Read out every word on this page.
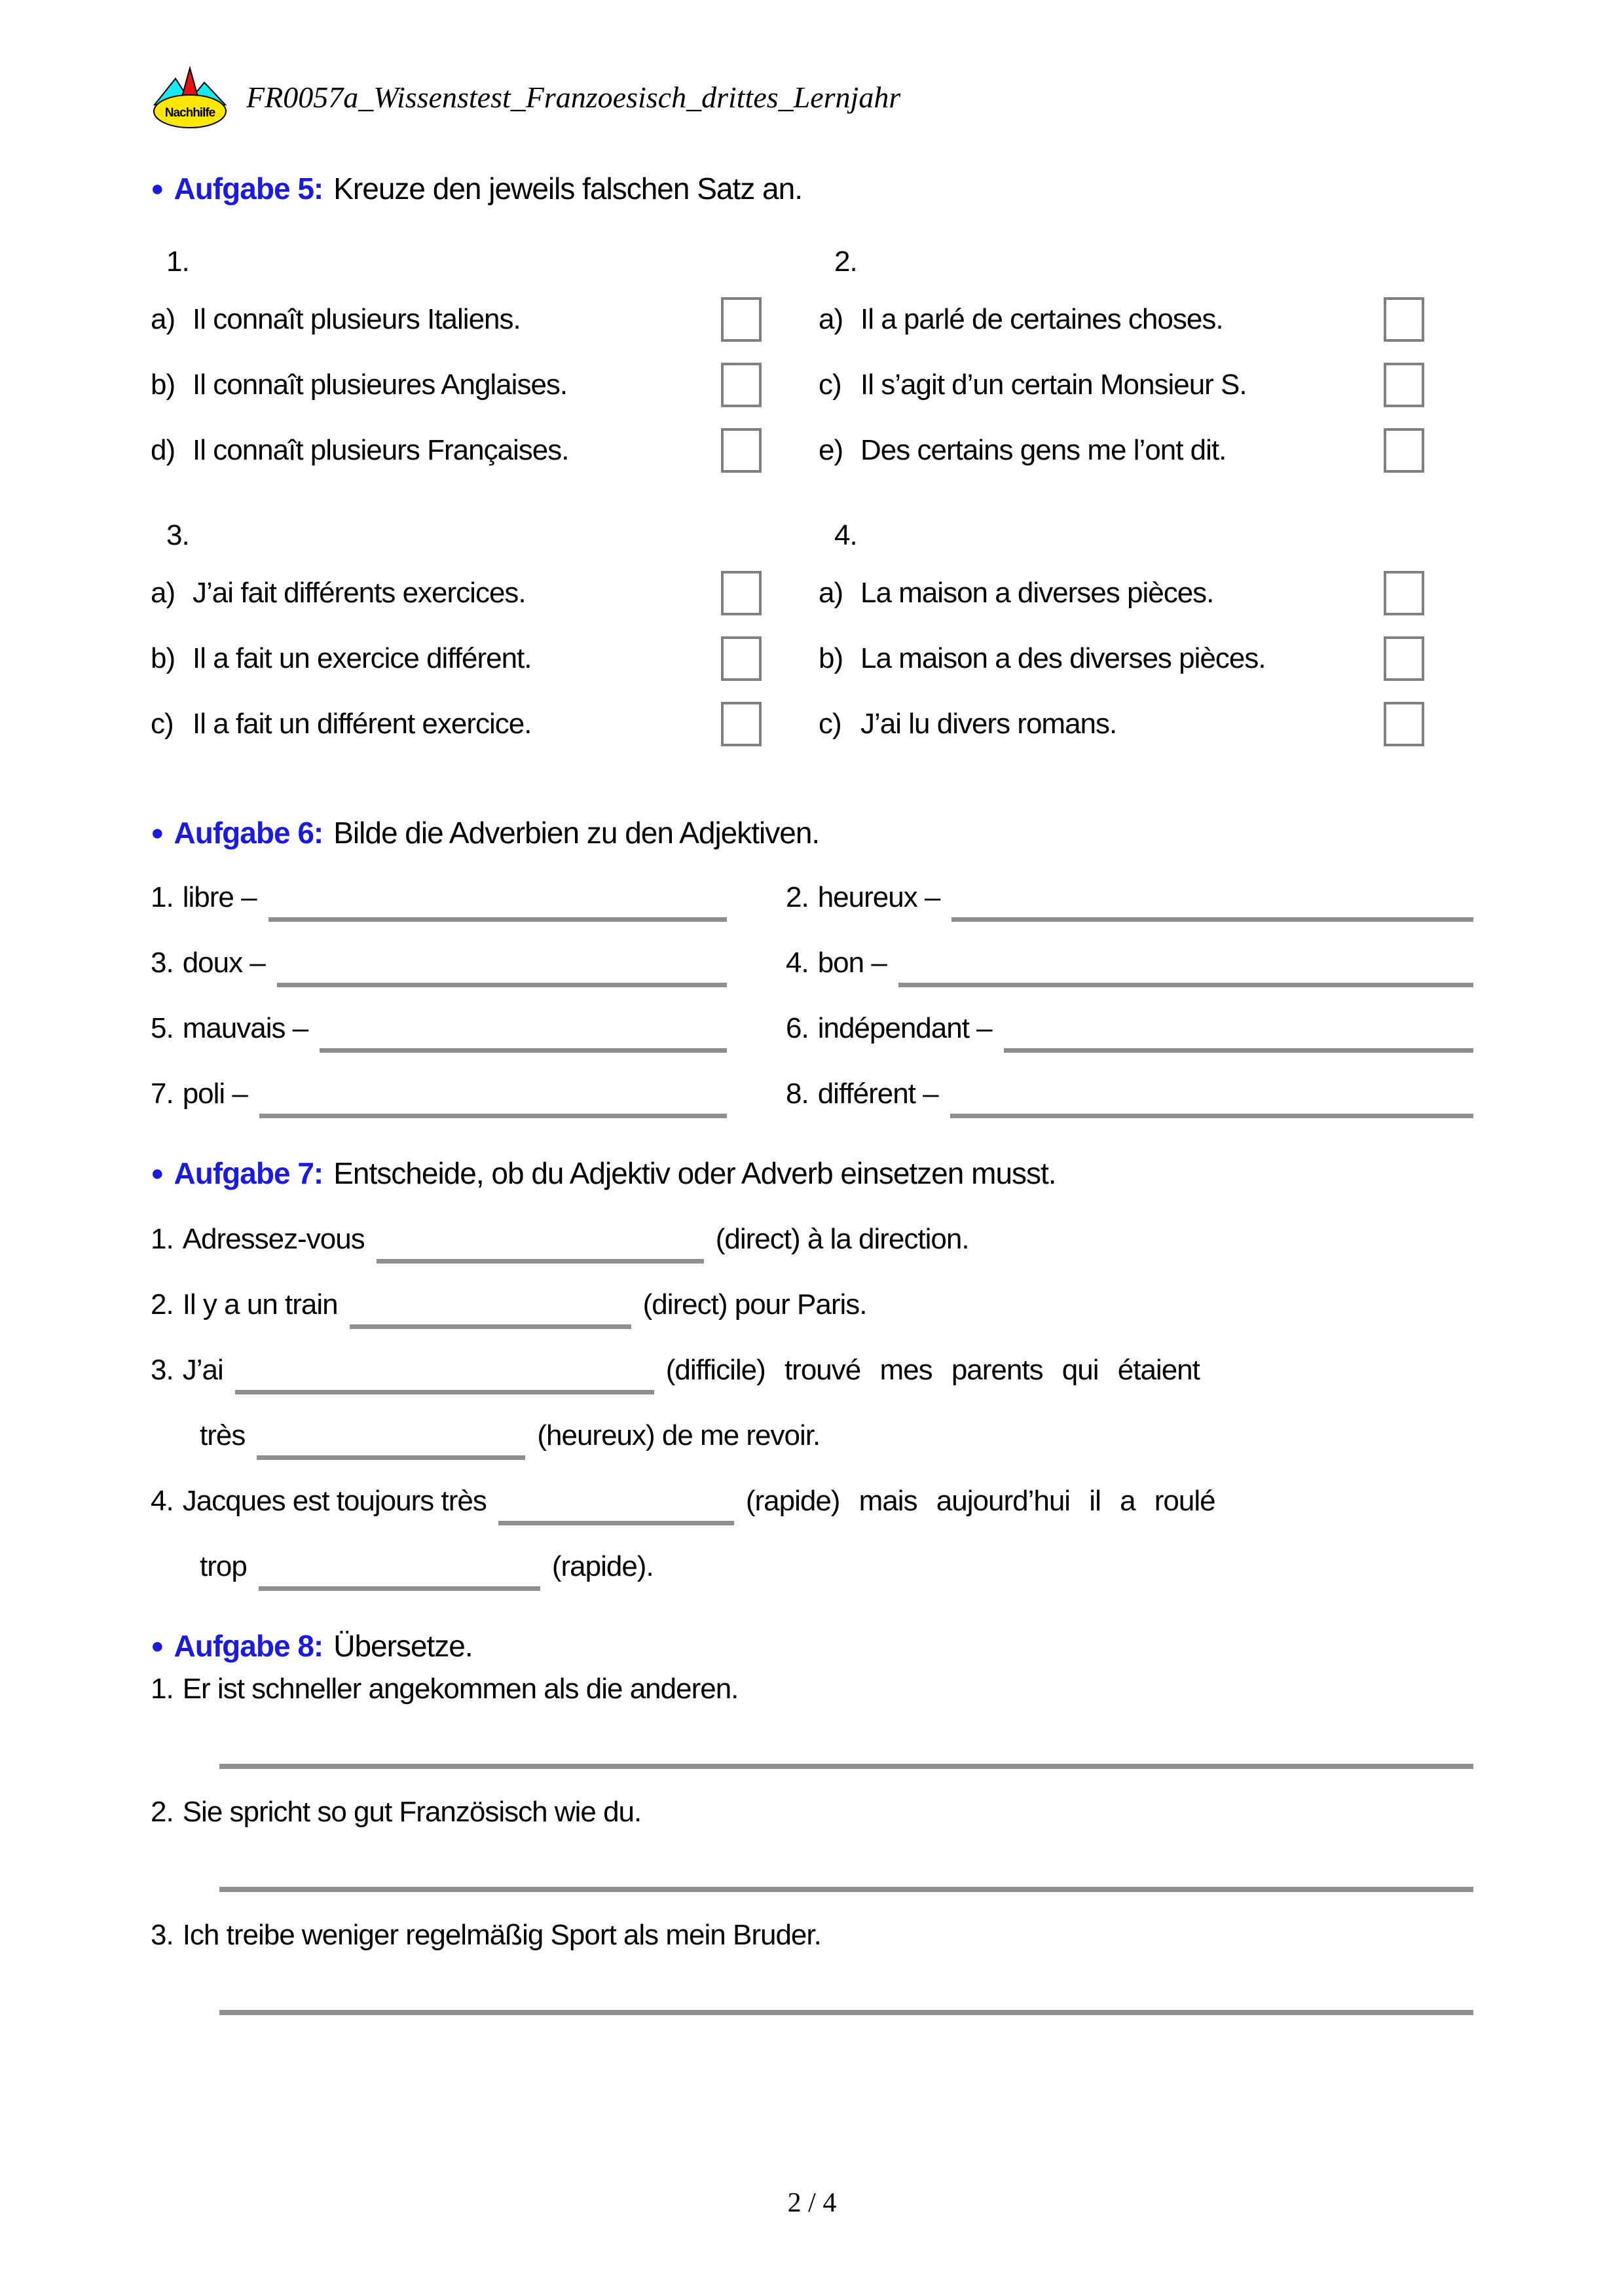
Nachhilfe FR0057a_Wissenstest_Franzoesisch_drittes_Lernjahr
● Aufgabe 5: Kreuze den jeweils falschen Satz an.
1.
a) Il connaît plusieurs Italiens.
b) Il connaît plusieures Anglaises.
d) Il connaît plusieurs Françaises.
2.
a) Il a parlé de certaines choses.
c) Il s’agit d’un certain Monsieur S.
e) Des certains gens me l’ont dit.
3.
a) J’ai fait différents exercices.
b) Il a fait un exercice différent.
c) Il a fait un différent exercice.
4.
a) La maison a diverses pièces.
b) La maison a des diverses pièces.
c) J’ai lu divers romans.
● Aufgabe 6: Bilde die Adverbien zu den Adjektiven.
1. libre –	2. heureux –
3. doux –	4. bon –
5. mauvais –	6. indépendant –
7. poli –	8. différent –
● Aufgabe 7: Entscheide, ob du Adjektiv oder Adverb einsetzen musst.
1. Adressez-vous	(direct) à la direction.
2. Il y a un train	(direct) pour Paris.
3. J’ai	(difficile) trouvé mes parents qui étaient
très	(heureux) de me revoir.
4. Jacques est toujours très	(rapide) mais aujourd’hui il a roulé
trop	(rapide).
● Aufgabe 8: Übersetze.
1. Er ist schneller angekommen als die anderen.
2. Sie spricht so gut Französisch wie du.
3. Ich treibe weniger regelmäßig Sport als mein Bruder.
2 / 4
